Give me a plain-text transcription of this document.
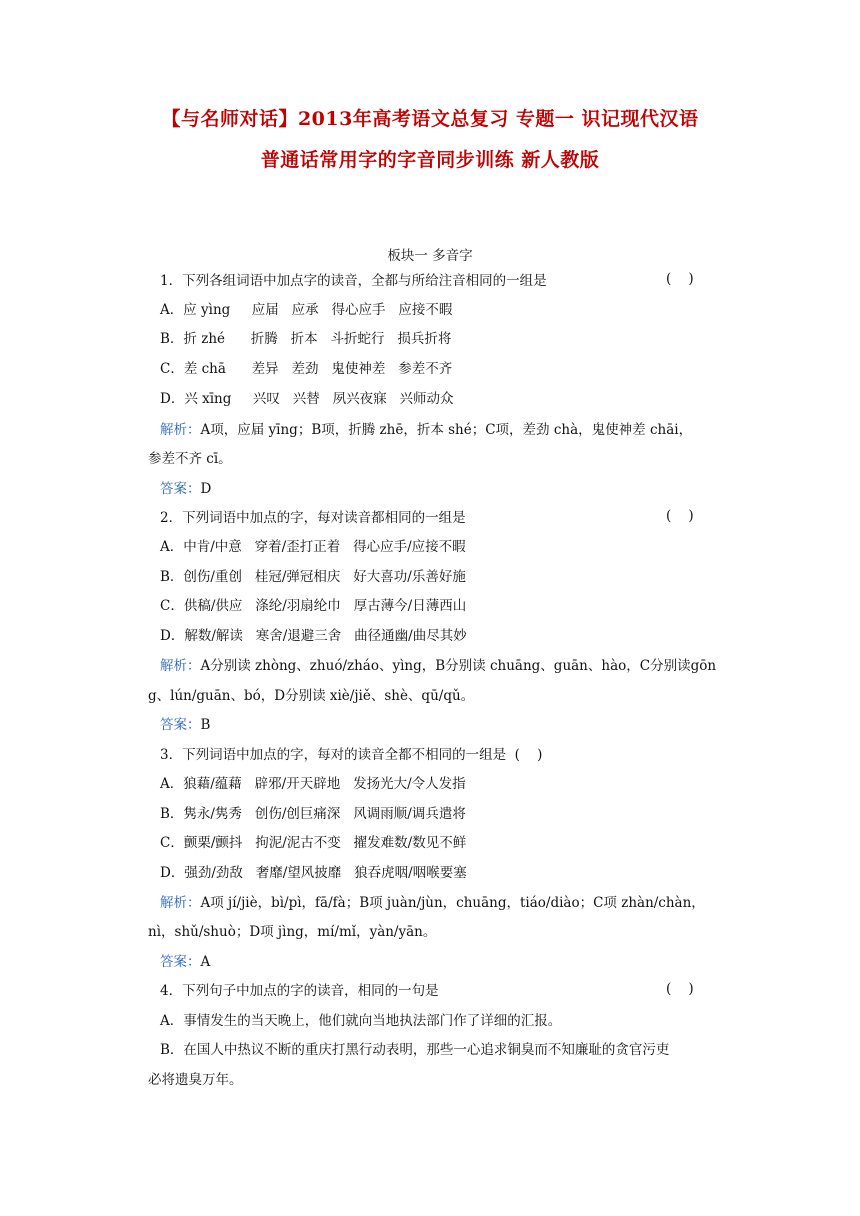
【与名师对话】2013年高考语文总复习 专题一 识记现代汉语
普通话常用字的字音同步训练 新人教版
板块一 多音字
1．下列各组词语中加点字的读音，全都与所给注音相同的一组是	(    )
A．应 yìng     应届   应承   得心应手   应接不暇
B．折 zhé      折腾   折本   斗折蛇行   损兵折将
C．差 chā      差异   差劲   鬼使神差   参差不齐
D．兴 xīng     兴叹   兴替   夙兴夜寐   兴师动众
解析：A项，应届 yīng；B项，折腾 zhē，折本 shé；C项，差劲 chà，鬼使神差 chāi，
参差不齐 cī。
答案：D
2．下列词语中加点的字，每对读音都相同的一组是	(    )
A．中肯/中意   穿着/歪打正着   得心应手/应接不暇
B．创伤/重创   桂冠/弹冠相庆   好大喜功/乐善好施
C．供稿/供应   涤纶/羽扇纶巾   厚古薄今/日薄西山
D．解数/解读   寒舍/退避三舍   曲径通幽/曲尽其妙
解析：A分别读 zhòng、zhuó/zháo、yìng，B分别读 chuāng、guān、hào，C分别读gōn
g、lún/guān、bó，D分别读 xiè/jiě、shè、qū/qǔ。
答案：B
3．下列词语中加点的字，每对的读音全都不相同的一组是  (    )
A．狼藉/蕴藉   辟邪/开天辟地   发扬光大/令人发指
B．隽永/隽秀   创伤/创巨痛深   风调雨顺/调兵遣将
C．颤栗/颤抖   拘泥/泥古不变   擢发难数/数见不鲜
D．强劲/劲敌   奢靡/望风披靡   狼吞虎咽/咽喉要塞
解析：A项 jí/jiè，bì/pì，fā/fà；B项 juàn/jùn，chuāng，tiáo/diào；C项 zhàn/chàn，
nì，shǔ/shuò；D项 jìng，mí/mǐ，yàn/yān。
答案：A
4．下列句子中加点的字的读音，相同的一句是	(    )
A．事情发生的当天晚上，他们就向当地执法部门作了详细的汇报。
B．在国人中热议不断的重庆打黑行动表明，那些一心追求铜臭而不知廉耻的贪官污吏
必将遗臭万年。
